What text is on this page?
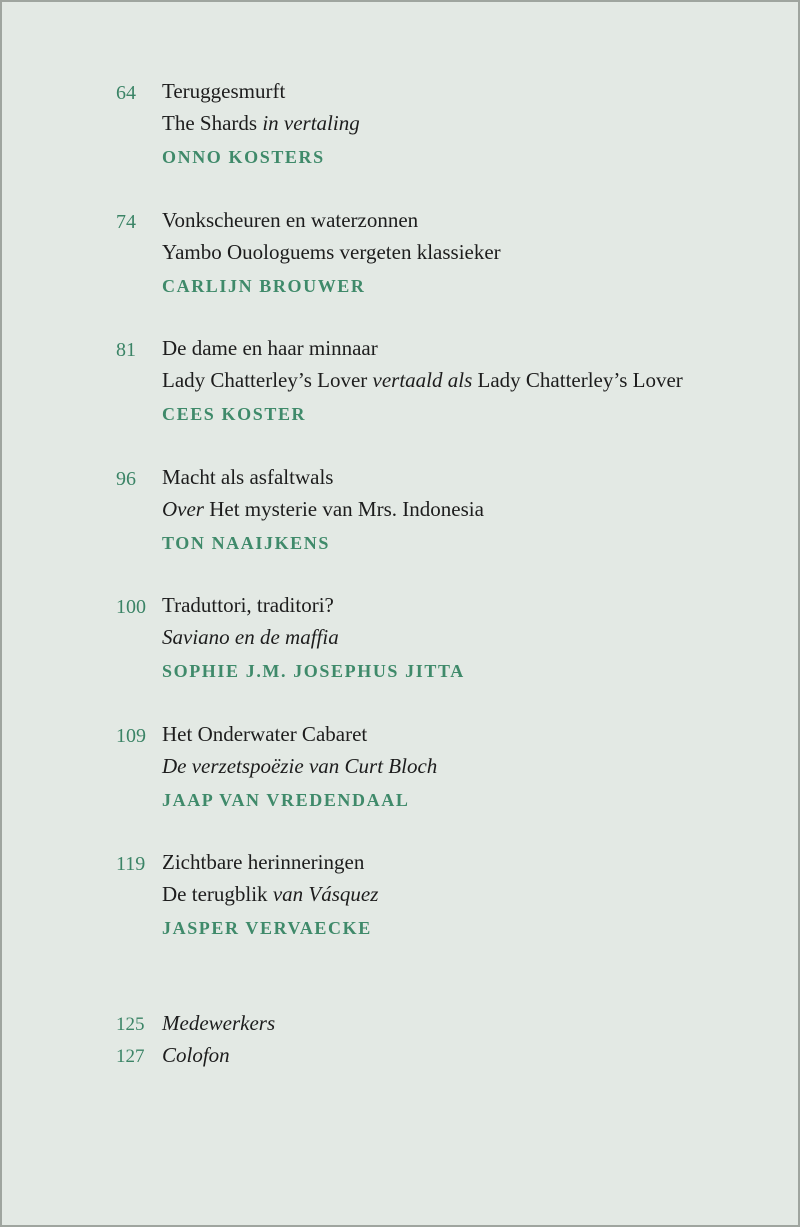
64 Teruggesmurft
The Shards in vertaling
ONNO KOSTERS
74 Vonkscheuren en waterzonnen
Yambo Ouologuems vergeten klassieker
CARLIJN BROUWER
81 De dame en haar minnaar
Lady Chatterley’s Lover vertaald als Lady Chatterley’s Lover
CEES KOSTER
96 Macht als asfaltwals
Over Het mysterie van Mrs. Indonesia
TON NAAIJKENS
100 Traduttori, traditori?
Saviano en de maffia
SOPHIE J.M. JOSEPHUS JITTA
109 Het Onderwater Cabaret
De verzetspoëzie van Curt Bloch
JAAP VAN VREDENDAAL
119 Zichtbare herinneringen
De terugblik van Vásquez
JASPER VERVAECKE
125 Medewerkers
127 Colofon
